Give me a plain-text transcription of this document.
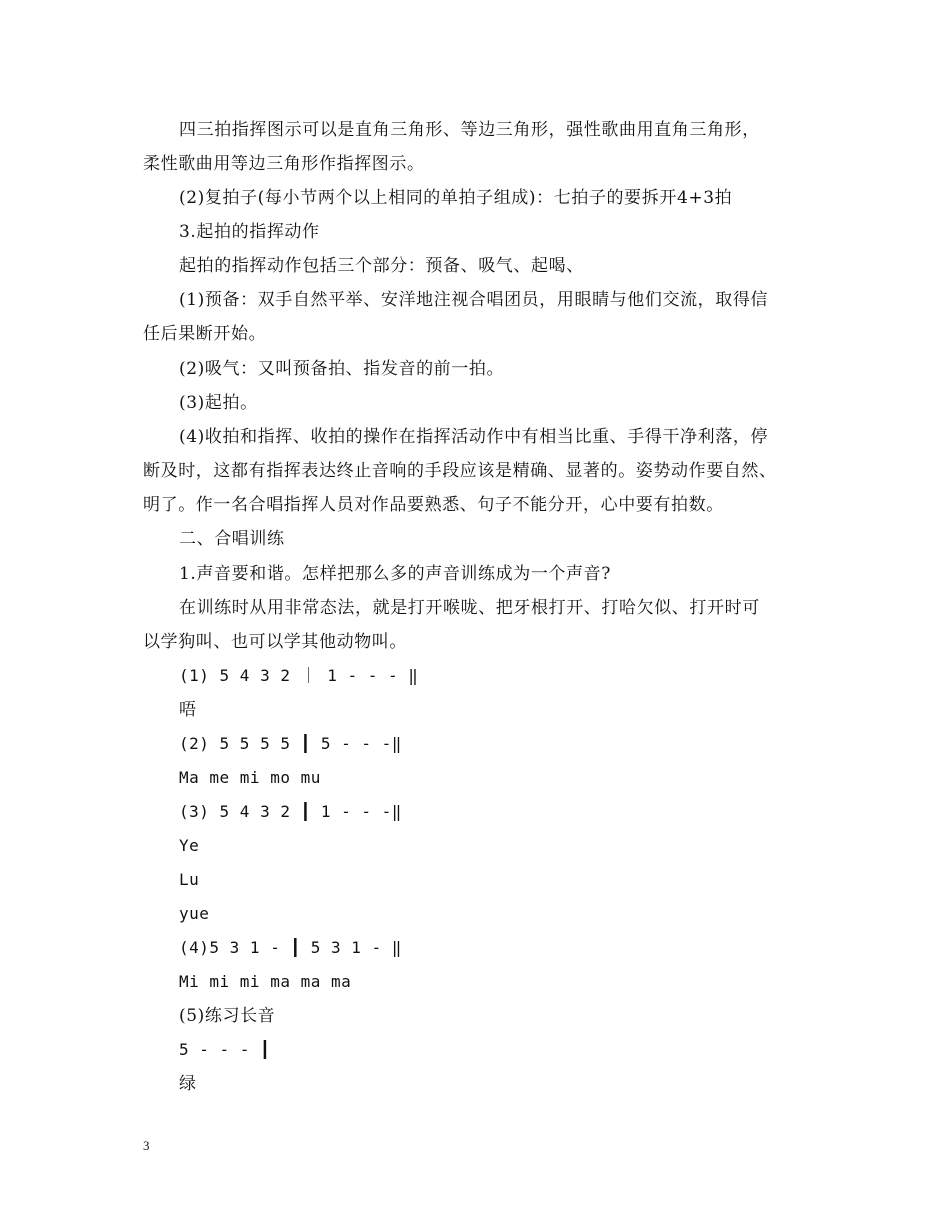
四三拍指挥图示可以是直角三角形、等边三角形，强性歌曲用直角三角形，
柔性歌曲用等边三角形作指挥图示。
(2)复拍子(每小节两个以上相同的单拍子组成)：七拍子的要拆开4+3拍
3.起拍的指挥动作
起拍的指挥动作包括三个部分：预备、吸气、起喝、
(1)预备：双手自然平举、安洋地注视合唱团员，用眼睛与他们交流，取得信
任后果断开始。
(2)吸气：又叫预备拍、指发音的前一拍。
(3)起拍。
(4)收拍和指挥、收拍的操作在指挥活动作中有相当比重、手得干净利落，停
断及时，这都有指挥表达终止音响的手段应该是精确、显著的。姿势动作要自然、
明了。作一名合唱指挥人员对作品要熟悉、句子不能分开，心中要有拍数。
二、合唱训练
1.声音要和谐。怎样把那么多的声音训练成为一个声音?
在训练时从用非常态法，就是打开喉咙、把牙根打开、打哈欠似、打开时可
以学狗叫、也可以学其他动物叫。
(1) 5 4 3 2 ｜ 1 - - - ‖
唔
(2) 5 5 5 5 ┃ 5 - - -‖
Ma me mi mo mu
(3) 5 4 3 2 ┃ 1 - - -‖
Ye
Lu
yue
(4)5 3 1 - ┃ 5 3 1 - ‖
Mi mi mi ma ma ma
(5)练习长音
5 - - - ┃
绿
3
